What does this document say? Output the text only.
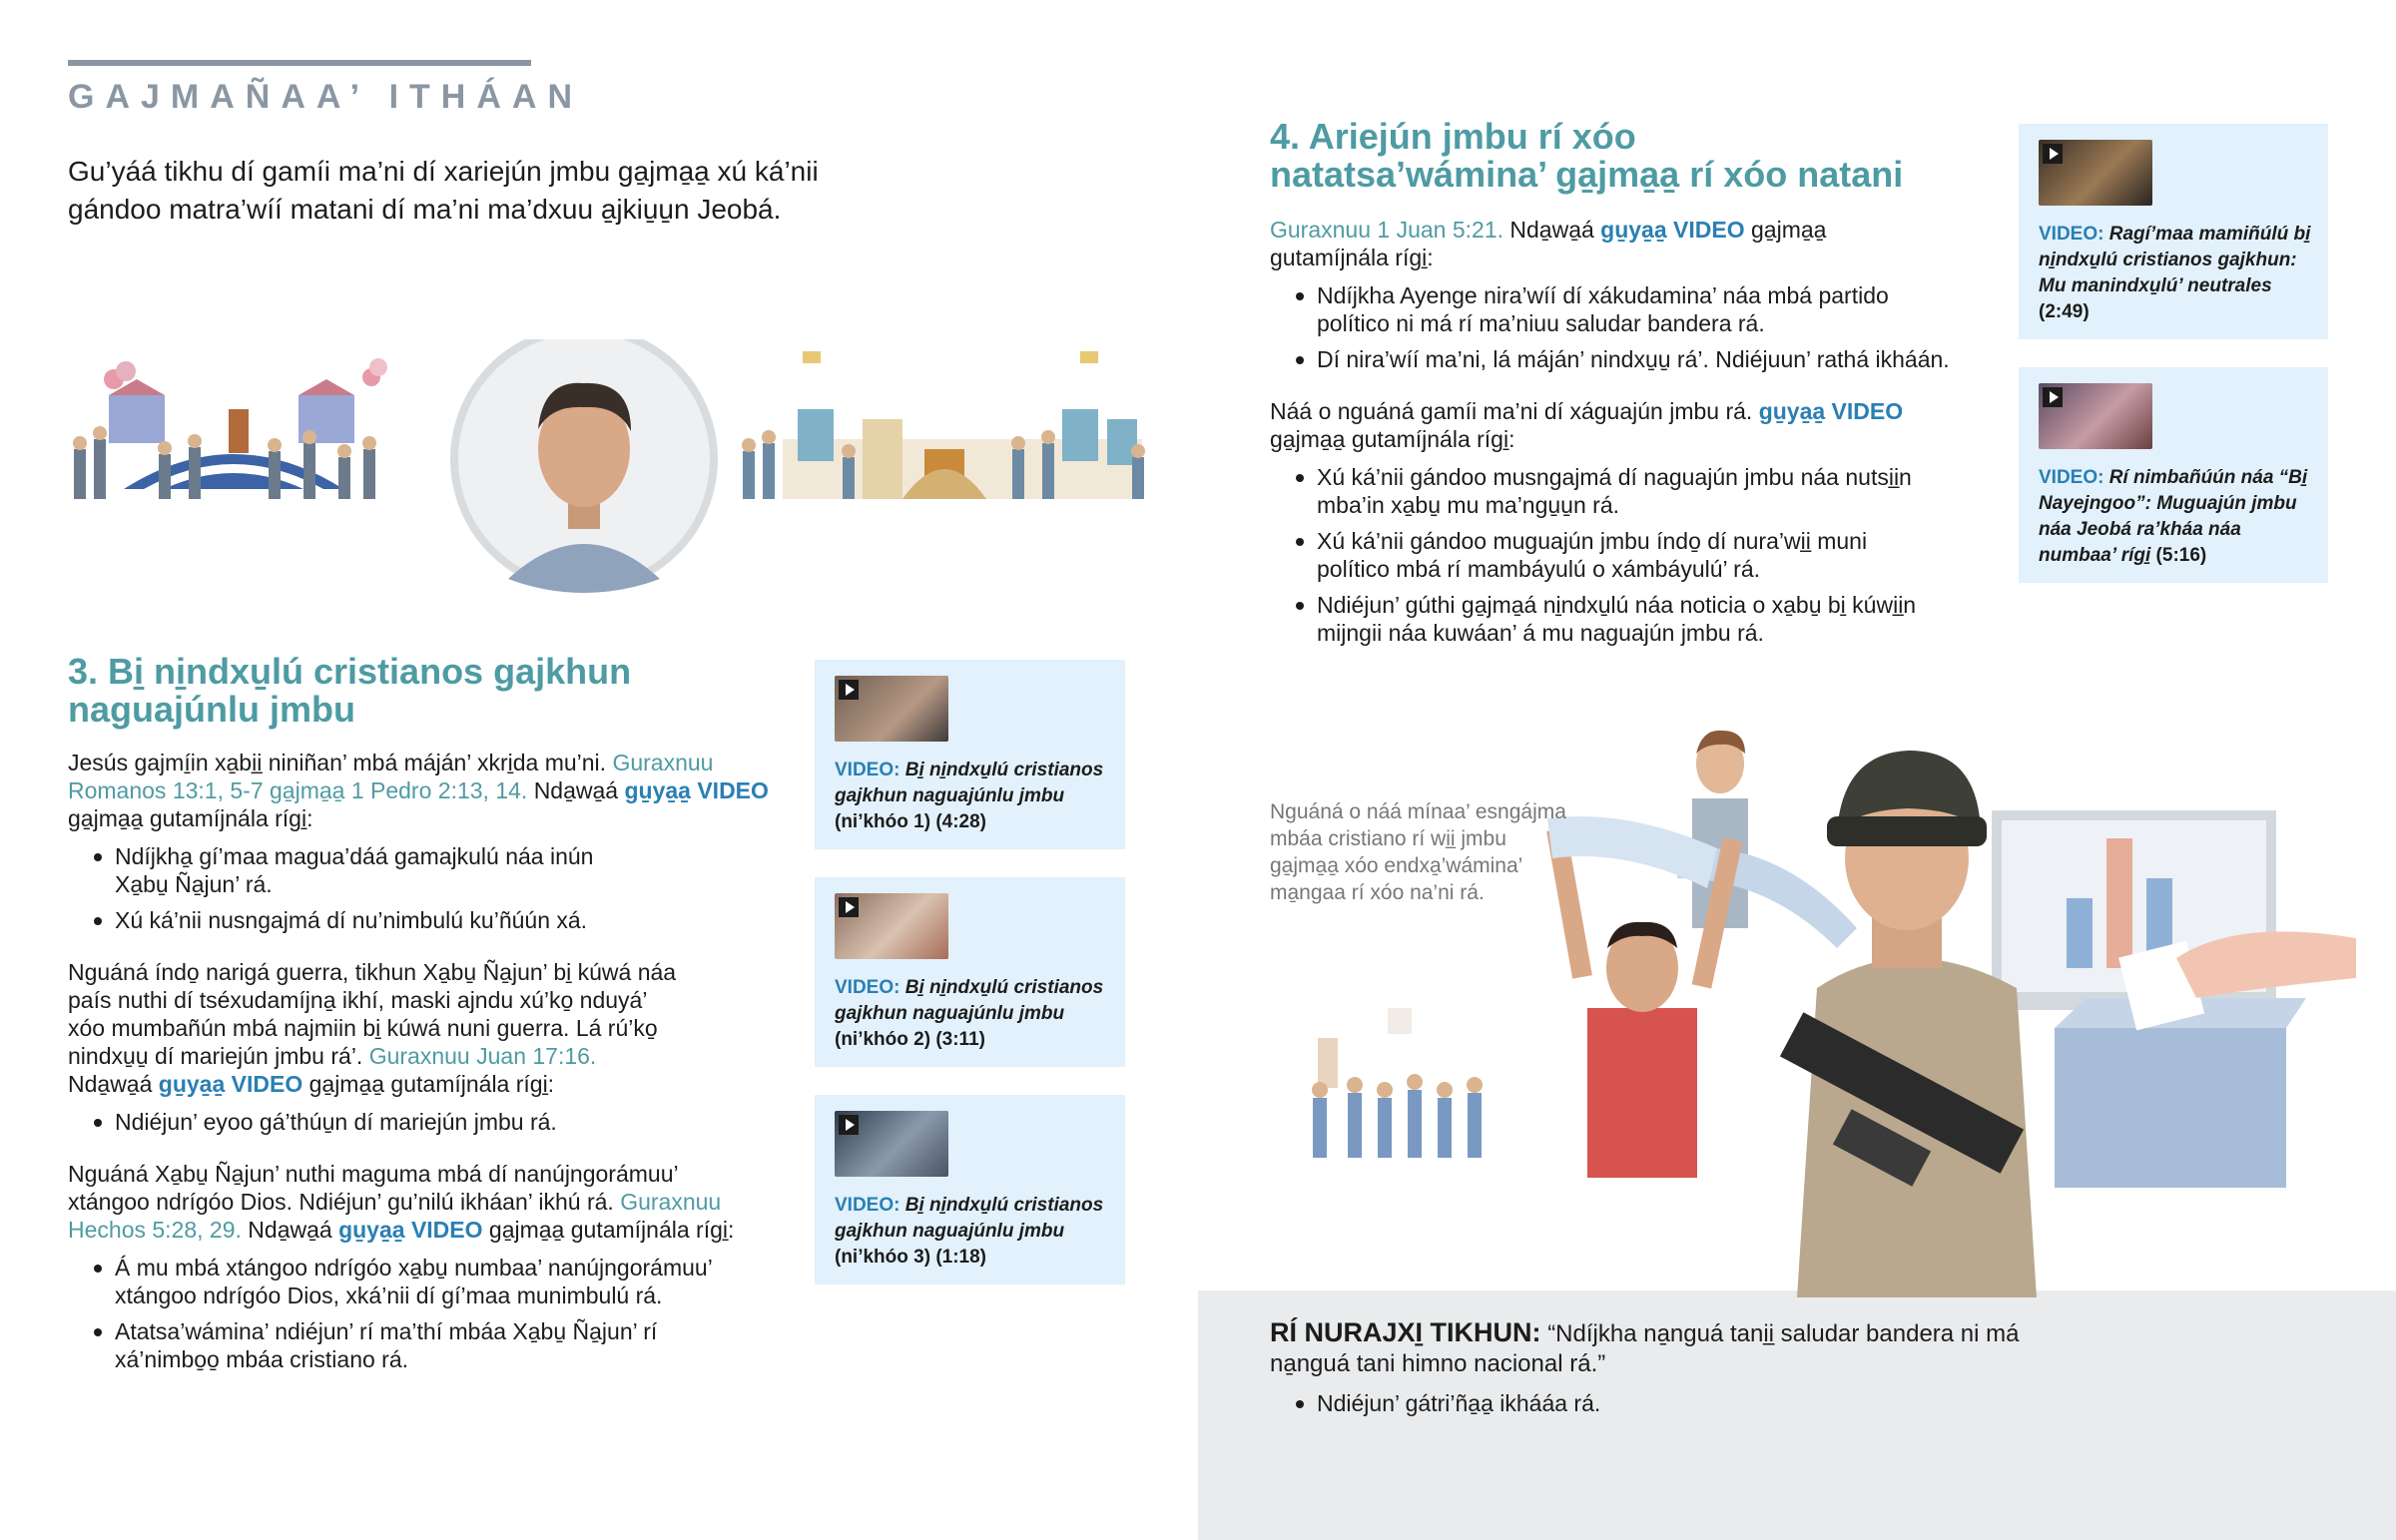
GAJMAÑAA’ ITHÁAN
Gu’yáá tikhu dí gamíi ma’ni dí xariejún jmbu ga̱jma̱a̱ xú ká’nii gándoo matra’wíí matani dí ma’ni ma’dxuu a̱jkiu̱u̱n Jeobá.
3. Bi̱ ni̱ndxu̱lú cristianos gajkhun naguajúnlu jmbu

Jesús gajmí̱in xa̱bi̱i̱ niniñan’ mbá máján’ xkri̱da mu’ni. Guraxnuu Romanos 13:1, 5-7 ga̱jma̱a̱ 1 Pedro 2:13, 14. Nda̱wa̱á gu̱ya̱a̱ VIDEO ga̱jma̱a̱ gutamíjnála rígi̱:

Ndíjkha̱ gí’maa magua’dáá gamajkulú náa inún Xa̱bu̱ Ña̱jun’ rá.
Xú ká’nii nusngajmá dí nu’nimbulú ku’ñúún xá.

Nguáná índo̱ narigá guerra, tikhun Xa̱bu̱ Ña̱jun’ bi̱ kúwá náa país nuthi dí tséxudamíjna̱ ikhí, maski ajndu xú’ko̱ nduyá’ xóo mumbañún mbá najmiin bi̱ kúwá nuni guerra. Lá rú’ko̱ nindxu̱u̱ dí mariejún jmbu rá’. Guraxnuu Juan 17:16. Nda̱wa̱á gu̱ya̱a̱ VIDEO ga̱jma̱a̱ gutamíjnála rígi̱:

Ndiéjun’ eyoo gá’thúu̱n dí mariejún jmbu rá.

Nguáná Xa̱bu̱ Ña̱jun’ nuthi maguma mbá dí nanújngorámuu’ xtángoo ndrígóo Dios. Ndiéjun’ gu’nilú ikháan’ ikhú rá. Guraxnuu Hechos 5:28, 29. Nda̱wa̱á gu̱ya̱a̱ VIDEO ga̱jma̱a̱ gutamíjnála rígi̱:

Á mu mbá xtángoo ndrígóo xa̱bu̱ numbaa’ nanújngorámuu’ xtángoo ndrígóo Dios, xká’nii dí gí’maa munimbulú rá.
Atatsa’wámina’ ndiéjun’ rí ma’thí mbáa Xa̱bu̱ Ña̱jun’ rí xá’nimbo̱o̱ mbáa cristiano rá.
VIDEO: Bi̱ ni̱ndxu̱lú cristianos gajkhun naguajúnlu jmbu (ni’khóo 1) (4:28)
VIDEO: Bi̱ ni̱ndxu̱lú cristianos gajkhun naguajúnlu jmbu (ni’khóo 2) (3:11)
VIDEO: Bi̱ ni̱ndxu̱lú cristianos gajkhun naguajúnlu jmbu (ni’khóo 3) (1:18)
4. Ariejún jmbu rí xóo natatsa’wámina’ ga̱jma̱a̱ rí xóo natani

Guraxnuu 1 Juan 5:21. Nda̱wa̱á gu̱ya̱a̱ VIDEO ga̱jma̱a̱ gutamíjnála rígi̱:

Ndíjkha Ayenge nira’wíí dí xákudamina’ náa mbá partido político ni má rí ma’niuu saludar bandera rá.
Dí nira’wíí ma’ni, lá máján’ nindxu̱u̱ rá’. Ndiéjuun’ rathá ikháán.

Náá o nguáná gamíi ma’ni dí xáguajún jmbu rá. gu̱ya̱a̱ VIDEO ga̱jma̱a̱ gutamíjnála rígi̱:

Xú ká’nii gándoo musngajmá dí naguajún jmbu náa nutsi̱i̱n mba’in xa̱bu̱ mu ma’ngu̱u̱n rá.
Xú ká’nii gándoo muguajún jmbu índo̱ dí nura’wi̱i̱ muni político mbá rí mambáyulú o xámbáyulú’ rá.
Ndiéjun’ gúthi ga̱jma̱á ni̱ndxu̱lú náa noticia o xa̱bu̱ bi̱ kúwi̱i̱n mijngii náa kuwáan’ á mu naguajún jmbu rá.
VIDEO: Ragí’maa mamiñúlú bi̱ ni̱ndxu̱lú cristianos gajkhun: Mu manindxu̱lú’ neutrales (2:49)
VIDEO: Rí nimbañúún náa “Bi̱ Nayejngoo”: Muguajún jmbu náa Jeobá ra’kháa náa numbaa’ rígi̱ (5:16)
Nguáná o náá mínaa’ esngájma mbáa cristiano rí wi̱i̱ jmbu ga̱jma̱a̱ xóo endxa̱’wámina’ ma̱ngaa rí xóo na’ni rá.

RÍ NURAJXI̱ TIKHUN: “Ndíjkha na̱nguá tani̱i̱ saludar bandera ni má na̱nguá tani himno nacional rá.”

Ndiéjun’ gátri’ña̱a̱ ikhááa rá.
